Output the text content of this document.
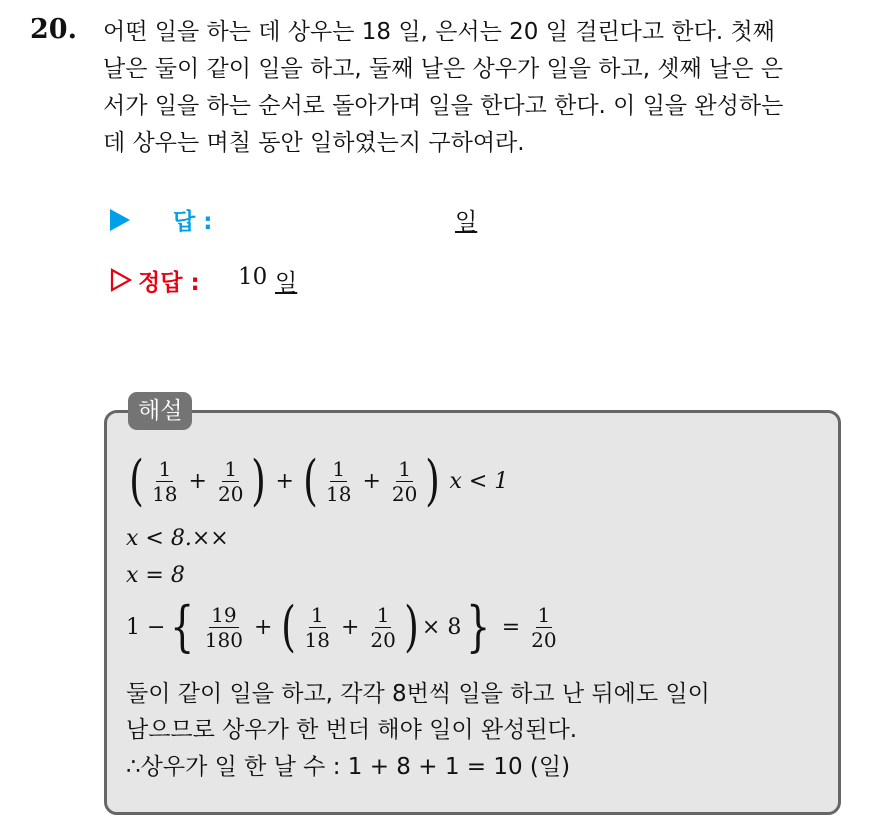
20. 어떤 일을 하는 데 상우는 18 일, 은서는 20 일 걸린다고 한다. 첫째
날은 둘이 같이 일을 하고, 둘째 날은 상우가 일을 하고, 셋째 날은 은
서가 일을 하는 순서로 돌아가며 일을 한다고 한다. 이 일을 완성하는
데 상우는 며칠 동안 일하였는지 구하여라.
답 :	일
정답 : 10 일
해설
( $\frac{1}{18} + \frac{1}{20}$ ) + ( $\frac{1}{18} + \frac{1}{20}$ ) x < 1
x < 8.××
x = 8
1 − { $\frac{19}{180}$ + ( $\frac{1}{18} + \frac{1}{20}$ ) × 8 } = $\frac{1}{20}$
둘이 같이 일을 하고, 각각 8번씩 일을 하고 난 뒤에도 일이
남으므로 상우가 한 번더 해야 일이 완성된다.
∴상우가 일 한 날 수 : 1 + 8 + 1 = 10 (일)
